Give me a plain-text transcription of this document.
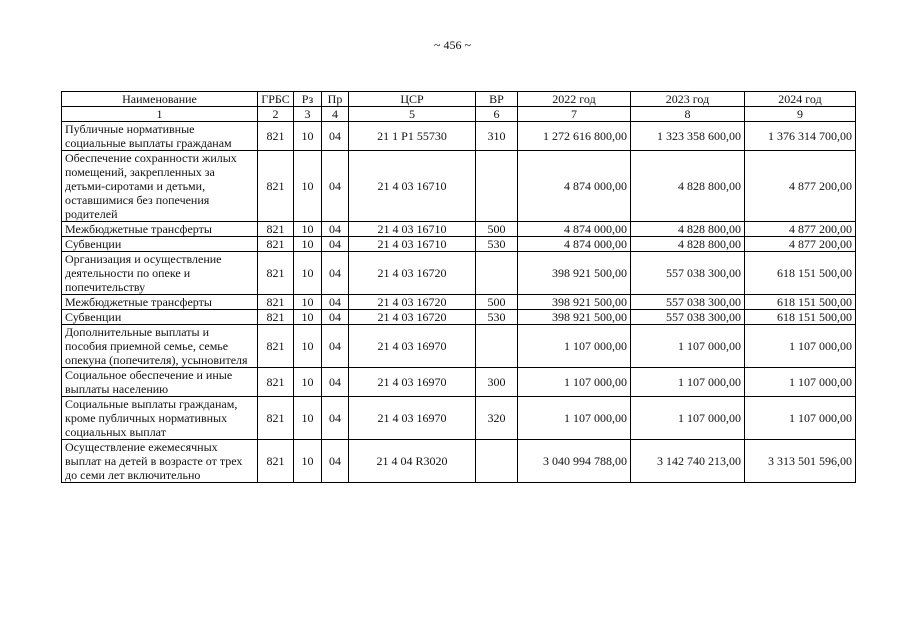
~ 456 ~
Наименование	ГРБС	Рз	Пр	ЦСР	ВР	2022 год	2023 год	2024 год
1	2	3	4	5	6	7	8	9
Публичные нормативные социальные выплаты гражданам	821	10	04	21 1 P1 55730	310	1 272 616 800,00	1 323 358 600,00	1 376 314 700,00
Обеспечение сохранности жилых помещений, закрепленных за детьми-сиротами и детьми, оставшимися без попечения родителей	821	10	04	21 4 03 16710		4 874 000,00	4 828 800,00	4 877 200,00
Межбюджетные трансферты	821	10	04	21 4 03 16710	500	4 874 000,00	4 828 800,00	4 877 200,00
Субвенции	821	10	04	21 4 03 16710	530	4 874 000,00	4 828 800,00	4 877 200,00
Организация и осуществление деятельности по опеке и попечительству	821	10	04	21 4 03 16720		398 921 500,00	557 038 300,00	618 151 500,00
Межбюджетные трансферты	821	10	04	21 4 03 16720	500	398 921 500,00	557 038 300,00	618 151 500,00
Субвенции	821	10	04	21 4 03 16720	530	398 921 500,00	557 038 300,00	618 151 500,00
Дополнительные выплаты и пособия приемной семье, семье опекуна (попечителя), усыновителя	821	10	04	21 4 03 16970		1 107 000,00	1 107 000,00	1 107 000,00
Социальное обеспечение и иные выплаты населению	821	10	04	21 4 03 16970	300	1 107 000,00	1 107 000,00	1 107 000,00
Социальные выплаты гражданам, кроме публичных нормативных социальных выплат	821	10	04	21 4 03 16970	320	1 107 000,00	1 107 000,00	1 107 000,00
Осуществление ежемесячных выплат на детей в возрасте от трех до семи лет включительно	821	10	04	21 4 04 R3020		3 040 994 788,00	3 142 740 213,00	3 313 501 596,00
